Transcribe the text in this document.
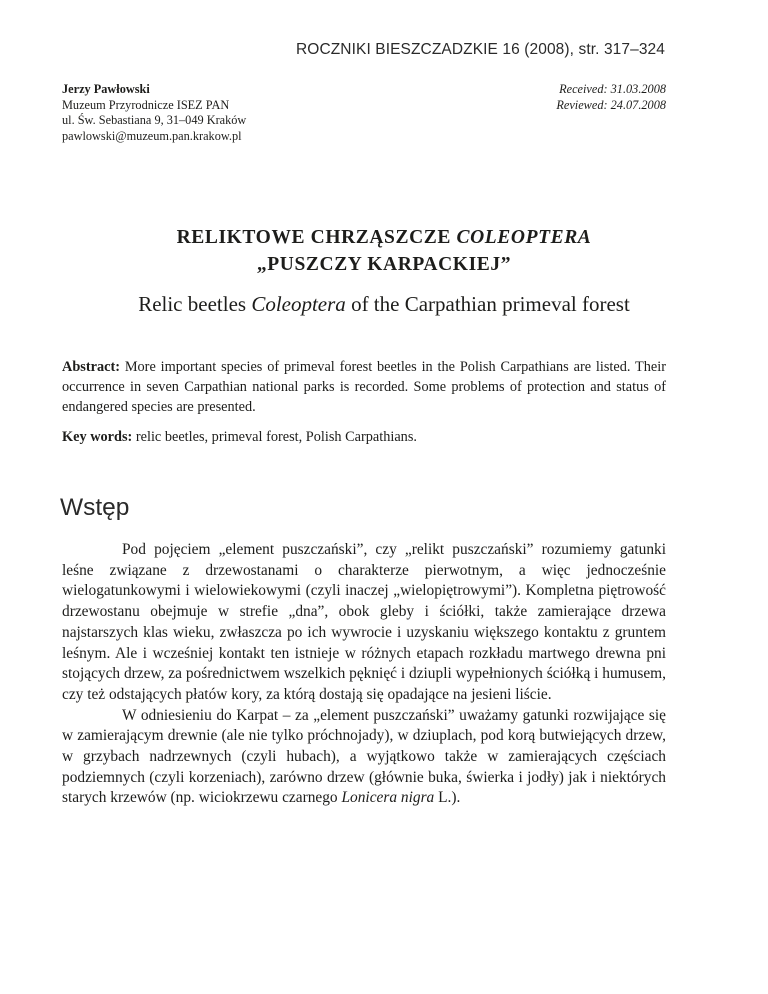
ROCZNIKI BIESZCZADZKIE 16 (2008), str. 317–324
Jerzy Pawłowski
Muzeum Przyrodnicze ISEZ PAN
ul. Św. Sebastiana 9, 31–049 Kraków
pawlowski@muzeum.pan.krakow.pl
Received: 31.03.2008
Reviewed: 24.07.2008
RELIKTOWE CHRZĄSZCZE COLEOPTERA
„PUSZCZY KARPACKIEJ”
Relic beetles Coleoptera of the Carpathian primeval forest
Abstract: More important species of primeval forest beetles in the Polish Carpathians are listed. Their occurrence in seven Carpathian national parks is recorded. Some problems of protection and status of endangered species are presented.
Key words: relic beetles, primeval forest, Polish Carpathians.
Wstęp

Pod pojęciem „element puszczański”, czy „relikt puszczański” rozumiemy gatunki leśne związane z drzewostanami o charakterze pierwotnym, a więc jednocześnie wielogatunkowymi i wielowiekowymi (czyli inaczej „wielopiętrowymi”). Kompletna piętrowość drzewostanu obejmuje w strefie „dna”, obok gleby i ściółki, także zamierające drzewa najstarszych klas wieku, zwłaszcza po ich wywrocie i uzyskaniu większego kontaktu z gruntem leśnym. Ale i wcześniej kontakt ten istnieje w różnych etapach rozkładu martwego drewna pni stojących drzew, za pośrednictwem wszelkich pęknięć i dziupli wypełnionych ściółką i humusem, czy też odstających płatów kory, za którą dostają się opadające na jesieni liście.

W odniesieniu do Karpat – za „element puszczański” uważamy gatunki rozwijające się w zamierającym drewnie (ale nie tylko próchnojady), w dziuplach, pod korą butwiejących drzew, w grzybach nadrzewnych (czyli hubach), a wyjątkowo także w zamierających częściach podziemnych (czyli korzeniach), zarówno drzew (głównie buka, świerka i jodły) jak i niektórych starych krzewów (np. wiciokrzewu czarnego Lonicera nigra L.).
